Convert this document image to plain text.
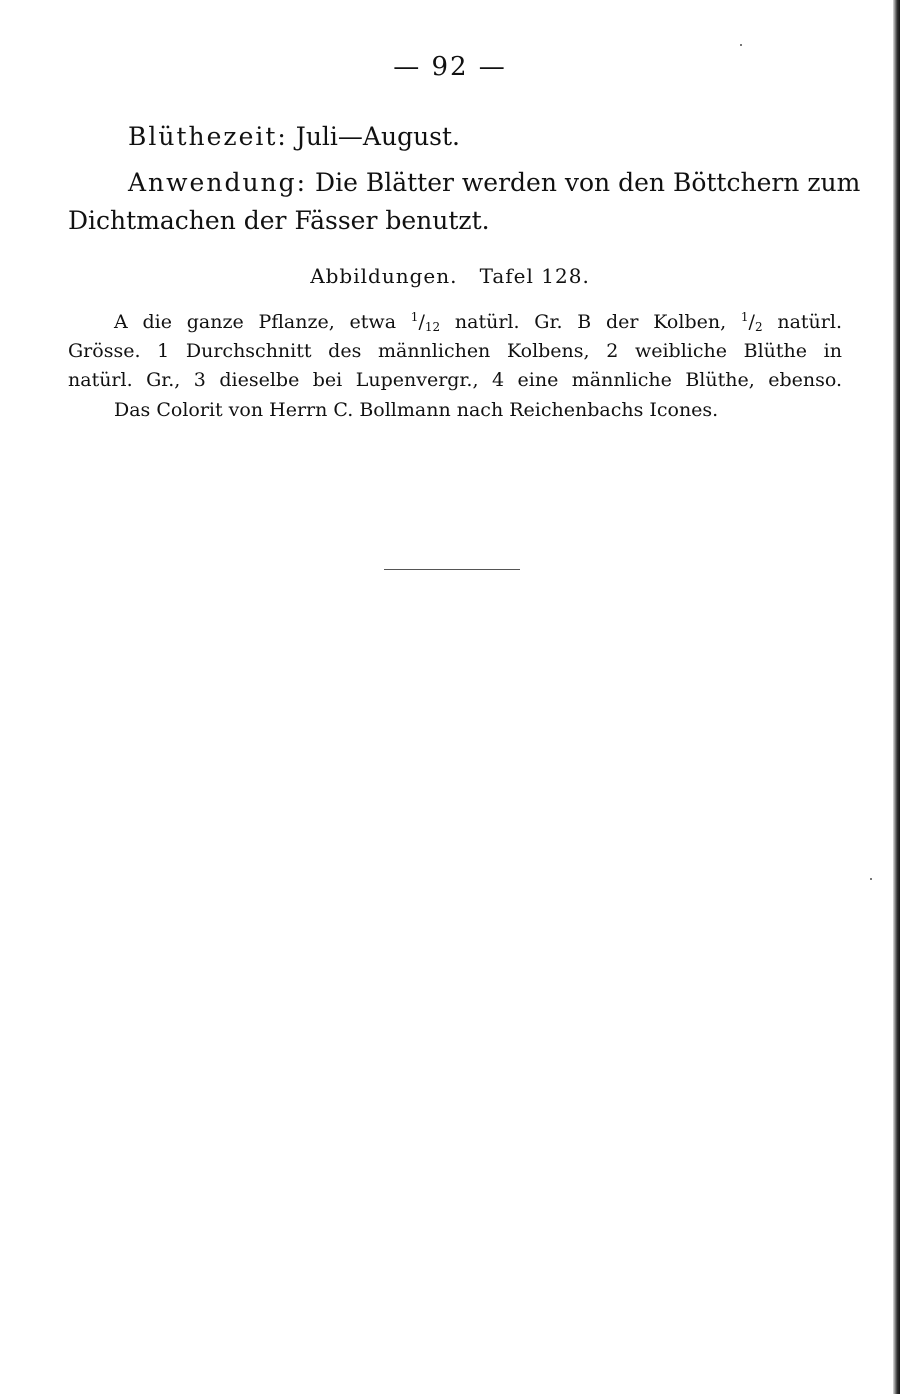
— 92 —
Blüthezeit: Juli—August.
Anwendung: Die Blätter werden von den Böttchern zum
Dichtmachen der Fässer benutzt.
Abbildungen. Tafel 128.
A die ganze Pflanze, etwa $^1/_{12}$ natürl. Gr. B der Kolben, $^1/_2$ natürl.
Grösse. 1 Durchschnitt des männlichen Kolbens, 2 weibliche Blüthe in
natürl. Gr., 3 dieselbe bei Lupenvergr., 4 eine männliche Blüthe, ebenso.
Das Colorit von Herrn C. Bollmann nach Reichenbachs Icones.
